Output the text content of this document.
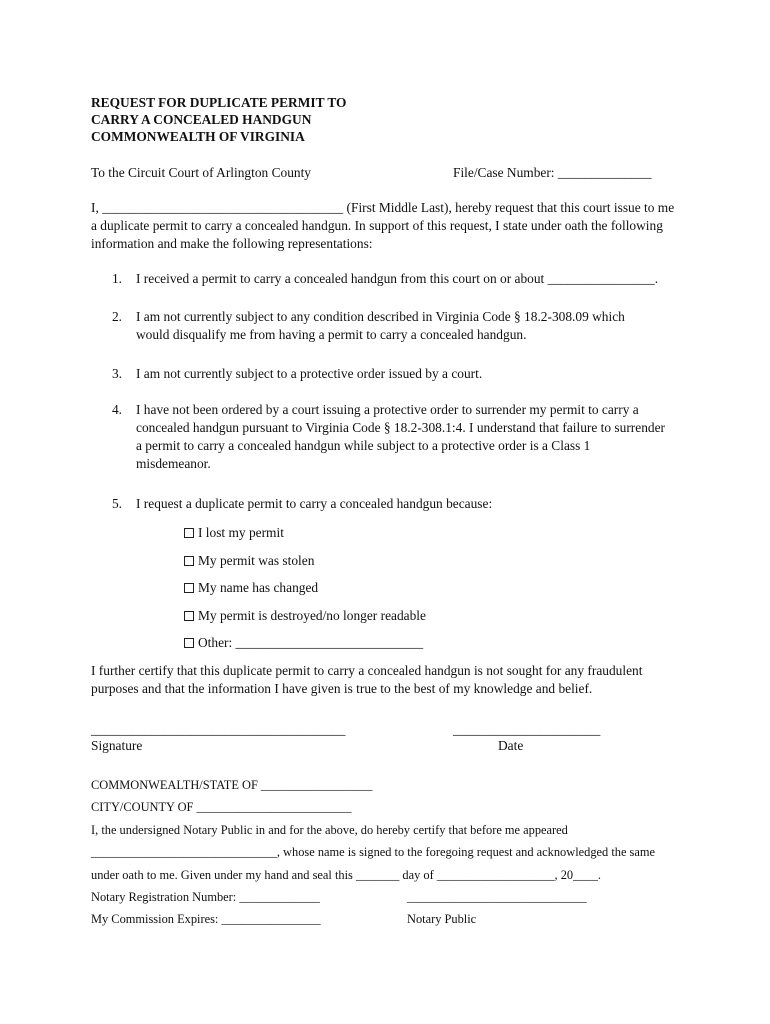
REQUEST FOR DUPLICATE PERMIT TO
CARRY A CONCEALED HANDGUN
COMMONWEALTH OF VIRGINIA
To the Circuit Court of Arlington County	File/Case Number: ______________
I, ____________________________________ (First Middle Last), hereby request that this court issue to me a duplicate permit to carry a concealed handgun. In support of this request, I state under oath the following information and make the following representations:
1. I received a permit to carry a concealed handgun from this court on or about ________________.
2. I am not currently subject to any condition described in Virginia Code § 18.2-308.09 which would disqualify me from having a permit to carry a concealed handgun.
3. I am not currently subject to a protective order issued by a court.
4. I have not been ordered by a court issuing a protective order to surrender my permit to carry a concealed handgun pursuant to Virginia Code § 18.2-308.1:4. I understand that failure to surrender a permit to carry a concealed handgun while subject to a protective order is a Class 1 misdemeanor.
5. I request a duplicate permit to carry a concealed handgun because:
I lost my permit
My permit was stolen
My name has changed
My permit is destroyed/no longer readable
Other: ____________________________
I further certify that this duplicate permit to carry a concealed handgun is not sought for any fraudulent purposes and that the information I have given is true to the best of my knowledge and belief.
______________________________________	______________________
Signature	Date
COMMONWEALTH/STATE OF __________________
CITY/COUNTY OF _________________________
I, the undersigned Notary Public in and for the above, do hereby certify that before me appeared
______________________________, whose name is signed to the foregoing request and acknowledged the same
under oath to me. Given under my hand and seal this _______ day of ___________________, 20____.
Notary Registration Number: _____________	_____________________________
My Commission Expires: ________________	Notary Public
